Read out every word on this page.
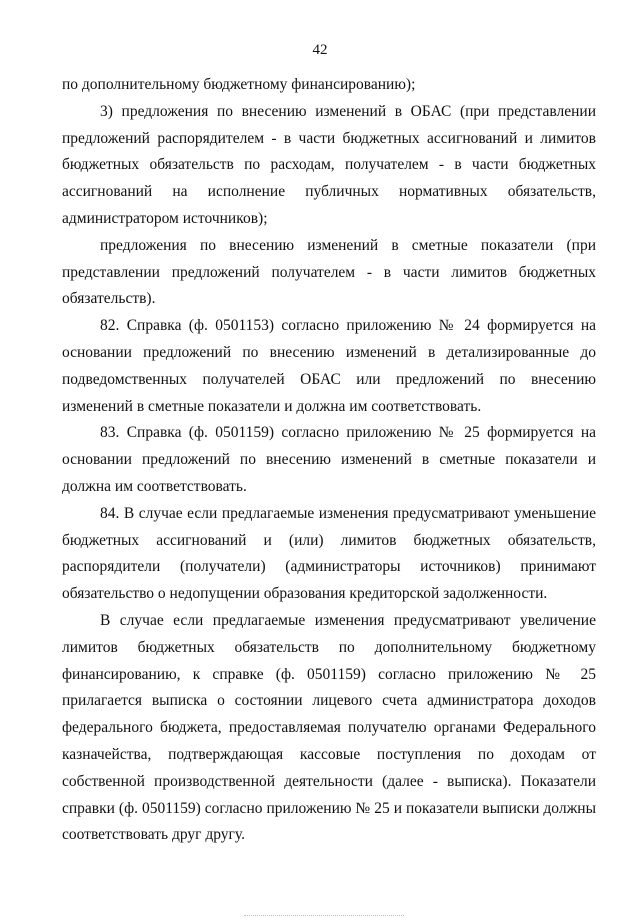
42

по дополнительному бюджетному финансированию);

3) предложения по внесению изменений в ОБАС (при представлении предложений распорядителем - в части бюджетных ассигнований и лимитов бюджетных обязательств по расходам, получателем - в части бюджетных ассигнований на исполнение публичных нормативных обязательств, администратором источников);

предложения по внесению изменений в сметные показатели (при представлении предложений получателем - в части лимитов бюджетных обязательств).

82. Справка (ф. 0501153) согласно приложению № 24 формируется на основании предложений по внесению изменений в детализированные до подведомственных получателей ОБАС или предложений по внесению изменений в сметные показатели и должна им соответствовать.

83. Справка (ф. 0501159) согласно приложению № 25 формируется на основании предложений по внесению изменений в сметные показатели и должна им соответствовать.

84. В случае если предлагаемые изменения предусматривают уменьшение бюджетных ассигнований и (или) лимитов бюджетных обязательств, распорядители (получатели) (администраторы источников) принимают обязательство о недопущении образования кредиторской задолженности.

В случае если предлагаемые изменения предусматривают увеличение лимитов бюджетных обязательств по дополнительному бюджетному финансированию, к справке (ф. 0501159) согласно приложению № 25 прилагается выписка о состоянии лицевого счета администратора доходов федерального бюджета, предоставляемая получателю органами Федерального казначейства, подтверждающая кассовые поступления по доходам от собственной производственной деятельности (далее - выписка). Показатели справки (ф. 0501159) согласно приложению № 25 и показатели выписки должны соответствовать друг другу.
